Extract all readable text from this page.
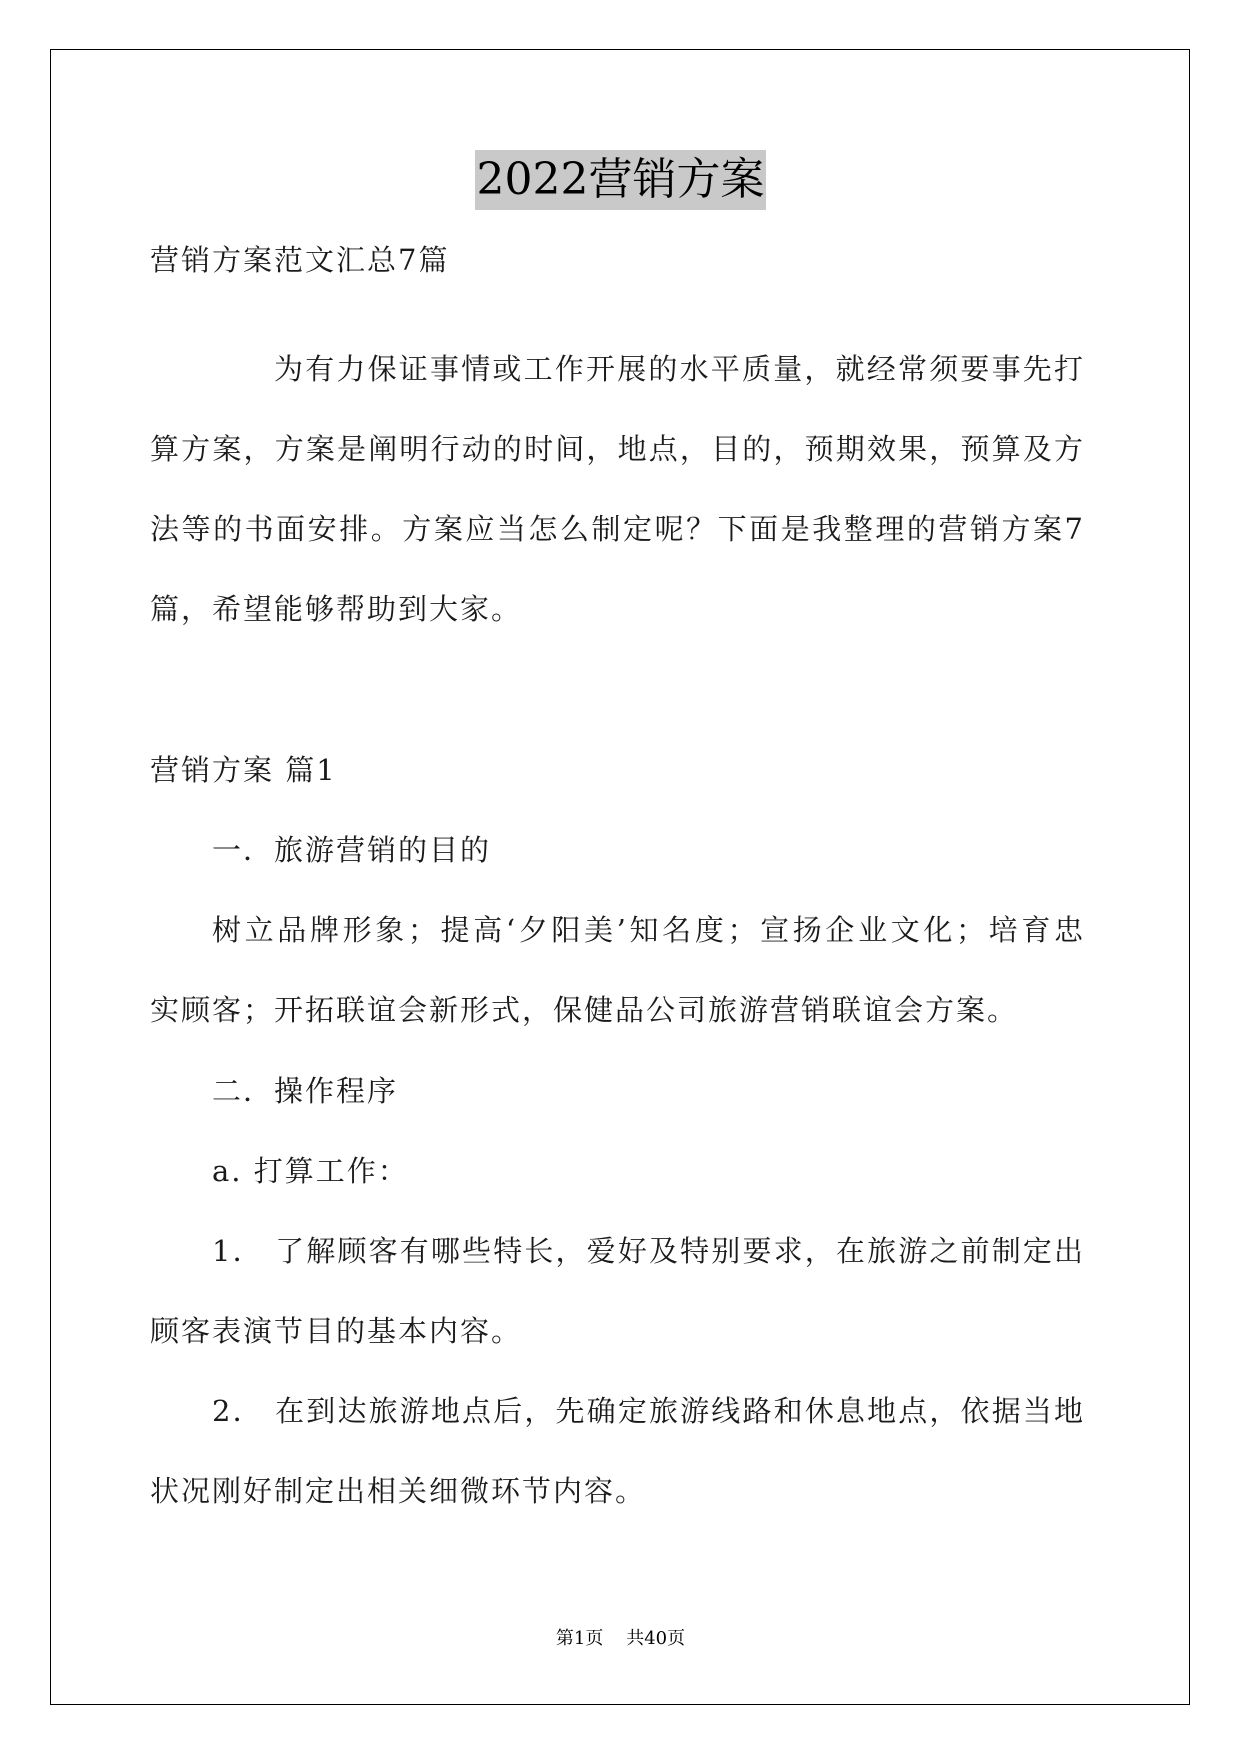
2022营销方案
营销方案范文汇总7篇
为有力保证事情或工作开展的水平质量，就经常须要事先打
算方案，方案是阐明行动的时间，地点，目的，预期效果，预算及方
法等的书面安排。方案应当怎么制定呢？下面是我整理的营销方案7
篇，希望能够帮助到大家。
营销方案 篇1
一．旅游营销的目的
树立品牌形象；提高‘夕阳美’知名度；宣扬企业文化；培育忠
实顾客；开拓联谊会新形式，保健品公司旅游营销联谊会方案。
二．操作程序
a. 打算工作：
1． 了解顾客有哪些特长，爱好及特别要求，在旅游之前制定出
顾客表演节目的基本内容。
2． 在到达旅游地点后，先确定旅游线路和休息地点，依据当地
状况刚好制定出相关细微环节内容。
第1页 共40页
